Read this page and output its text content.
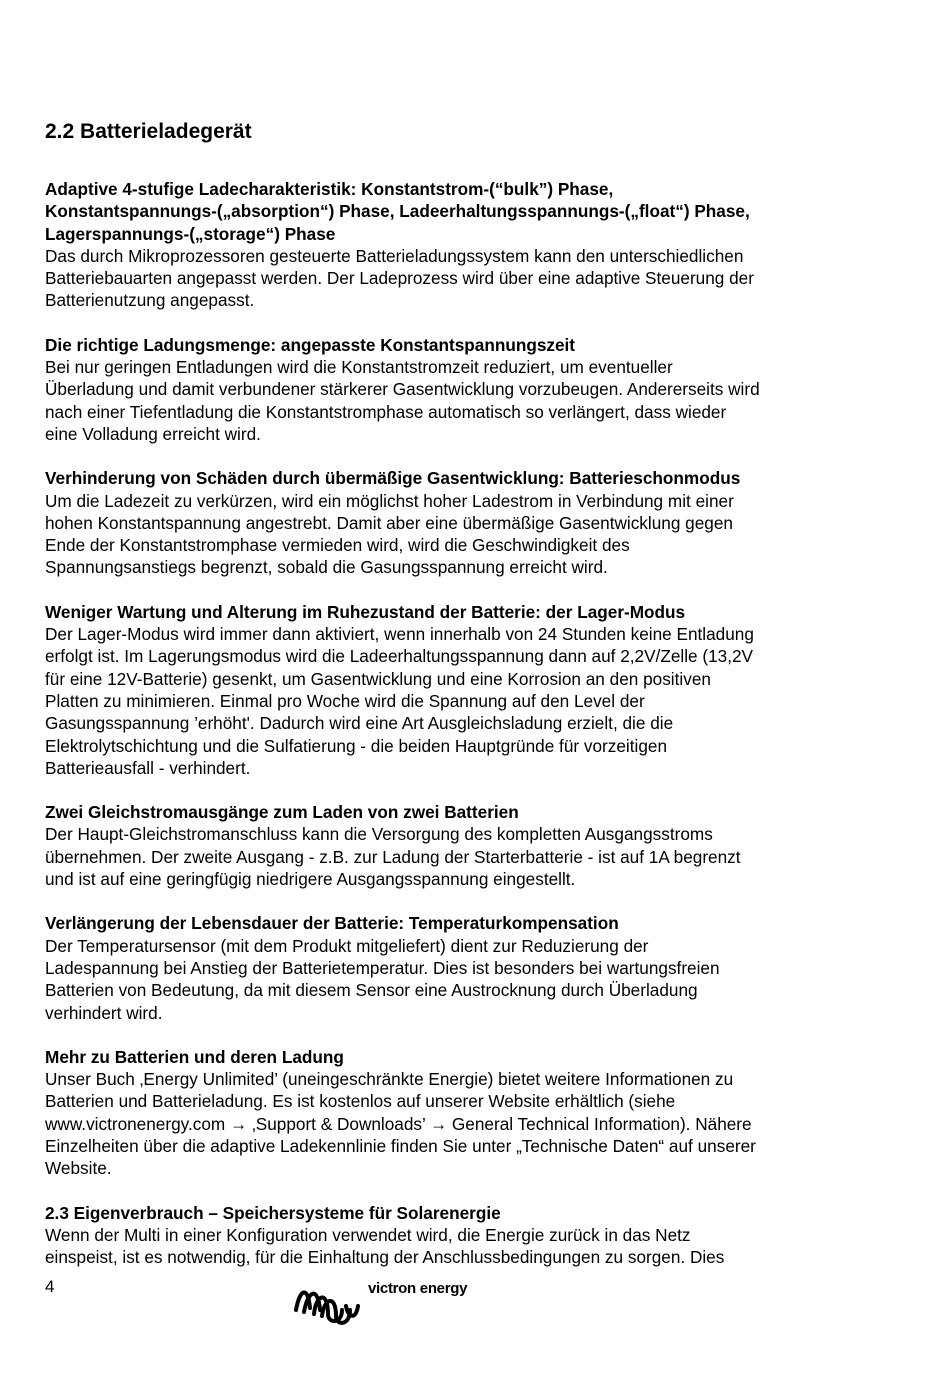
2.2 Batterieladegerät
Adaptive 4-stufige Ladecharakteristik: Konstantstrom-(“bulk”) Phase,
Konstantspannungs-(„absorption“) Phase, Ladeerhaltungsspannungs-(„float“) Phase,
Lagerspannungs-(„storage“) Phase

Das durch Mikroprozessoren gesteuerte Batterieladungssystem kann den unterschiedlichen
Batteriebauarten angepasst werden. Der Ladeprozess wird über eine adaptive Steuerung der
Batterienutzung angepasst.

Die richtige Ladungsmenge: angepasste Konstantspannungszeit

Bei nur geringen Entladungen wird die Konstantstromzeit reduziert, um eventueller
Überladung und damit verbundener stärkerer Gasentwicklung vorzubeugen. Andererseits wird
nach einer Tiefentladung die Konstantstromphase automatisch so verlängert, dass wieder
eine Volladung erreicht wird.

Verhinderung von Schäden durch übermäßige Gasentwicklung: Batterieschonmodus

Um die Ladezeit zu verkürzen, wird ein möglichst hoher Ladestrom in Verbindung mit einer
hohen Konstantspannung angestrebt. Damit aber eine übermäßige Gasentwicklung gegen
Ende der Konstantstromphase vermieden wird, wird die Geschwindigkeit des
Spannungsanstiegs begrenzt, sobald die Gasungsspannung erreicht wird.

Weniger Wartung und Alterung im Ruhezustand der Batterie: der Lager-Modus

Der Lager-Modus wird immer dann aktiviert, wenn innerhalb von 24 Stunden keine Entladung
erfolgt ist. Im Lagerungsmodus wird die Ladeerhaltungsspannung dann auf 2,2V/Zelle (13,2V
für eine 12V-Batterie) gesenkt, um Gasentwicklung und eine Korrosion an den positiven
Platten zu minimieren. Einmal pro Woche wird die Spannung auf den Level der
Gasungsspannung ’erhöht'. Dadurch wird eine Art Ausgleichsladung erzielt, die die
Elektrolytschichtung und die Sulfatierung - die beiden Hauptgründe für vorzeitigen
Batterieausfall - verhindert.

Zwei Gleichstromausgänge zum Laden von zwei Batterien

Der Haupt-Gleichstromanschluss kann die Versorgung des kompletten Ausgangsstroms
übernehmen. Der zweite Ausgang - z.B. zur Ladung der Starterbatterie - ist auf 1A begrenzt
und ist auf eine geringfügig niedrigere Ausgangsspannung eingestellt.

Verlängerung der Lebensdauer der Batterie: Temperaturkompensation

Der Temperatursensor (mit dem Produkt mitgeliefert) dient zur Reduzierung der
Ladespannung bei Anstieg der Batterietemperatur. Dies ist besonders bei wartungsfreien
Batterien von Bedeutung, da mit diesem Sensor eine Austrocknung durch Überladung
verhindert wird.

Mehr zu Batterien und deren Ladung

Unser Buch ‚Energy Unlimited’ (uneingeschränkte Energie) bietet weitere Informationen zu
Batterien und Batterieladung. Es ist kostenlos auf unserer Website erhältlich (siehe
www.victronenergy.com → ‚Support & Downloads’ → General Technical Information). Nähere
Einzelheiten über die adaptive Ladekennlinie finden Sie unter „Technische Daten“ auf unserer
Website.

2.3 Eigenverbrauch – Speichersysteme für Solarenergie

Wenn der Multi in einer Konfiguration verwendet wird, die Energie zurück in das Netz
einspeist, ist es notwendig, für die Einhaltung der Anschlussbedingungen zu sorgen. Dies

4	victron energy
